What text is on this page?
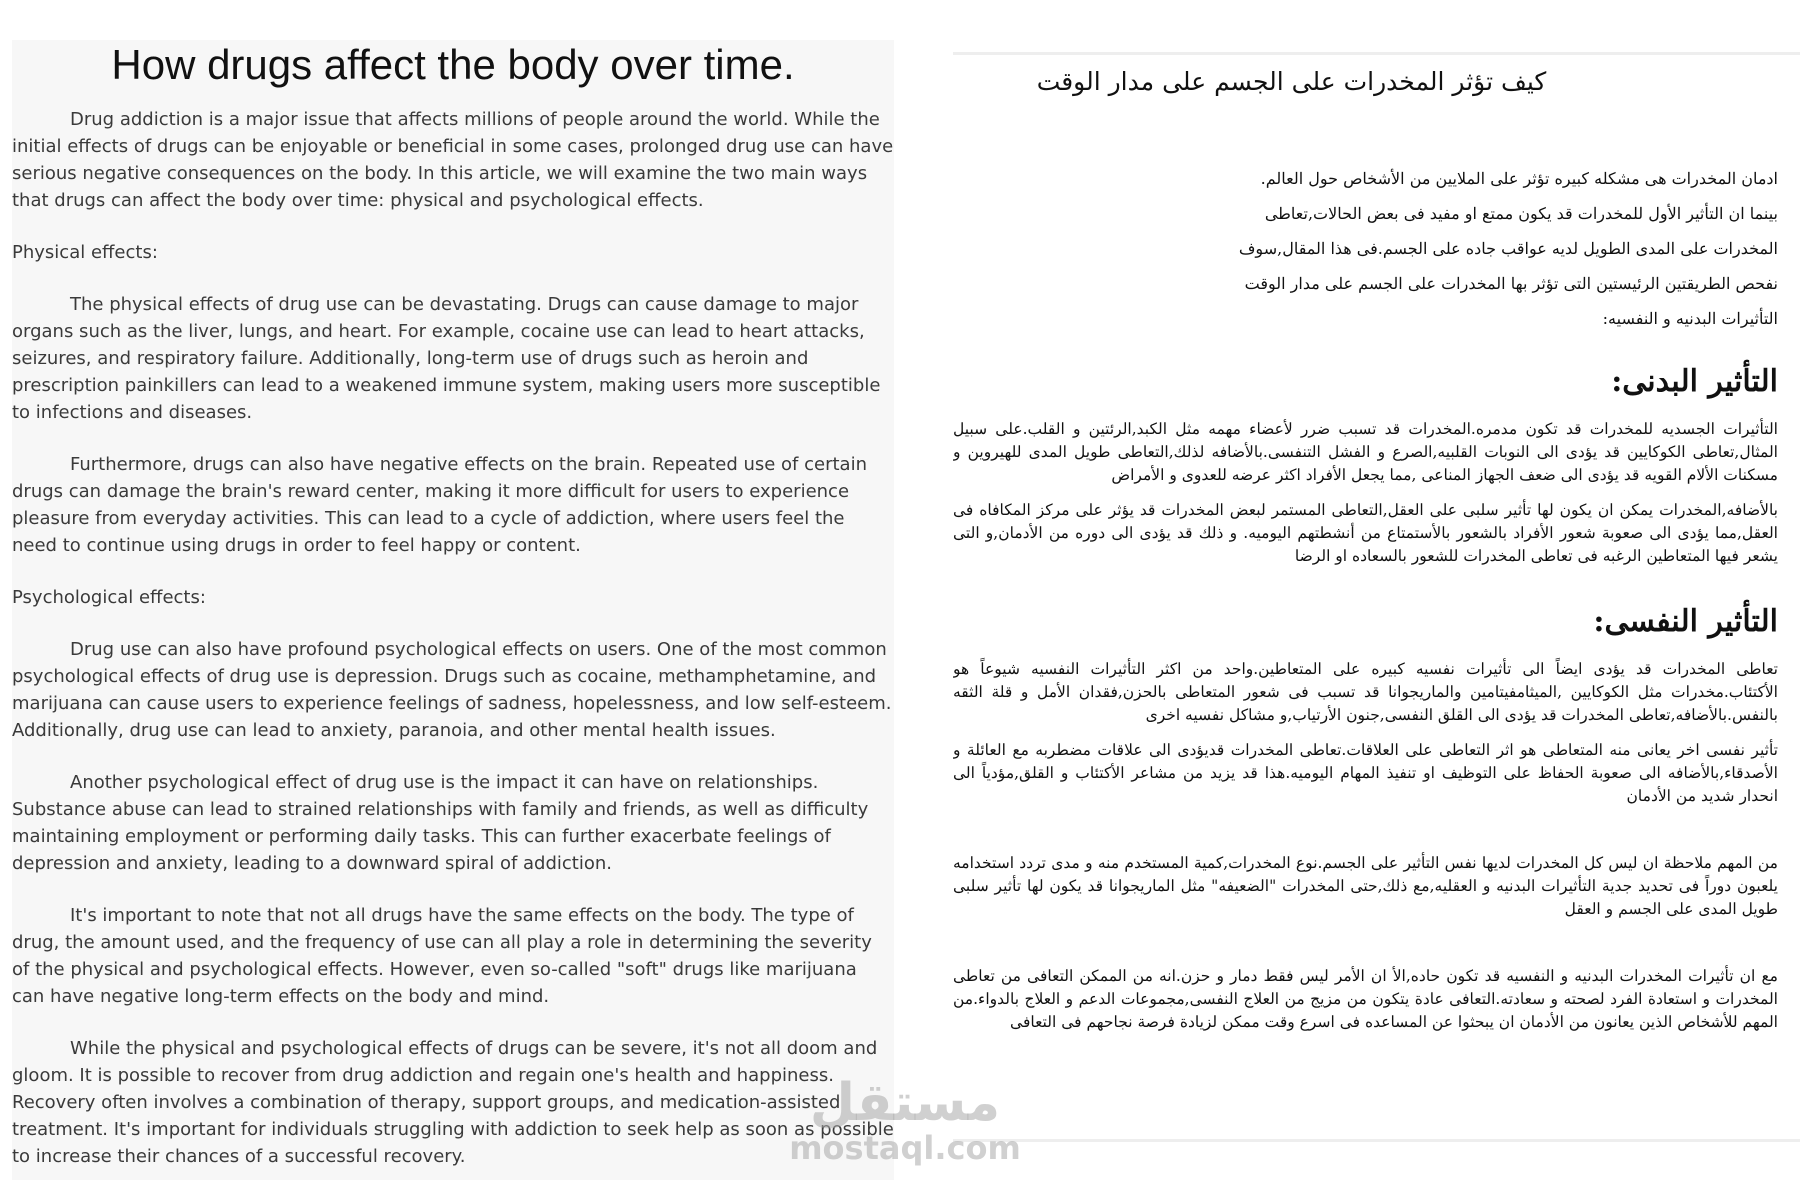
How drugs affect the body over time.

Drug addiction is a major issue that affects millions of people around the world. While the initial effects of drugs can be enjoyable or beneficial in some cases, prolonged drug use can have serious negative consequences on the body. In this article, we will examine the two main ways that drugs can affect the body over time: physical and psychological effects.

Physical effects:

The physical effects of drug use can be devastating. Drugs can cause damage to major organs such as the liver, lungs, and heart. For example, cocaine use can lead to heart attacks, seizures, and respiratory failure. Additionally, long-term use of drugs such as heroin and prescription painkillers can lead to a weakened immune system, making users more susceptible to infections and diseases.

Furthermore, drugs can also have negative effects on the brain. Repeated use of certain drugs can damage the brain's reward center, making it more difficult for users to experience pleasure from everyday activities. This can lead to a cycle of addiction, where users feel the need to continue using drugs in order to feel happy or content.

Psychological effects:

Drug use can also have profound psychological effects on users. One of the most common psychological effects of drug use is depression. Drugs such as cocaine, methamphetamine, and marijuana can cause users to experience feelings of sadness, hopelessness, and low self-esteem. Additionally, drug use can lead to anxiety, paranoia, and other mental health issues.

Another psychological effect of drug use is the impact it can have on relationships. Substance abuse can lead to strained relationships with family and friends, as well as difficulty maintaining employment or performing daily tasks. This can further exacerbate feelings of depression and anxiety, leading to a downward spiral of addiction.

It's important to note that not all drugs have the same effects on the body. The type of drug, the amount used, and the frequency of use can all play a role in determining the severity of the physical and psychological effects. However, even so-called "soft" drugs like marijuana can have negative long-term effects on the body and mind.

While the physical and psychological effects of drugs can be severe, it's not all doom and gloom. It is possible to recover from drug addiction and regain one's health and happiness. Recovery often involves a combination of therapy, support groups, and medication-assisted treatment. It's important for individuals struggling with addiction to seek help as soon as possible to increase their chances of a successful recovery.

كيف تؤثر المخدرات على الجسم على مدار الوقت
ادمان المخدرات هى مشكله كبيره تؤثر على الملايين من الأشخاص حول العالم.
بينما ان التأثير الأول للمخدرات قد يكون ممتع او مفيد فى بعض الحالات,تعاطى
المخدرات على المدى الطويل لديه عواقب جاده على الجسم.فى هذا المقال,سوف
نفحص الطريقتين الرئيستين التى تؤثر بها المخدرات على الجسم على مدار الوقت
التأثيرات البدنيه و النفسيه:
التأثير البدنى:
التأثيرات الجسديه للمخدرات قد تكون مدمره.المخدرات قد تسبب ضرر لأعضاء مهمه مثل الكبد,الرئتين و القلب.على سبيل المثال,تعاطى الكوكايين قد يؤدى الى النوبات القلبيه,الصرع و الفشل التنفسى.بالأضافه لذلك,التعاطى طويل المدى للهيروين و مسكنات الألام القويه قد يؤدى الى ضعف الجهاز المناعى ,مما يجعل الأفراد اكثر عرضه للعدوى و الأمراض
بالأضافه,المخدرات يمكن ان يكون لها تأثير سلبى على العقل,التعاطى المستمر لبعض المخدرات قد يؤثر على مركز المكافاه فى العقل,مما يؤدى الى صعوبة شعور الأفراد بالشعور بالأستمتاع من أنشطتهم اليوميه. و ذلك قد يؤدى الى دوره من الأدمان,و التى يشعر فيها المتعاطين الرغبه فى تعاطى المخدرات للشعور بالسعاده او الرضا
التأثير النفسى:
تعاطى المخدرات قد يؤدى ايضاً الى تأثيرات نفسيه كبيره على المتعاطين.واحد من اكثر التأثيرات النفسيه شيوعاً هو الأكتئاب.مخدرات مثل الكوكايين ,الميثامفيتامين والماريجوانا قد تسبب فى شعور المتعاطى بالحزن,فقدان الأمل و قلة الثقه بالنفس.بالأضافه,تعاطى المخدرات قد يؤدى الى القلق النفسى,جنون الأرتياب,و مشاكل نفسيه اخرى
تأثير نفسى اخر يعانى منه المتعاطى هو اثر التعاطى على العلاقات.تعاطى المخدرات قديؤدى الى علاقات مضطربه مع العائلة و الأصدقاء,بالأضافه الى صعوبة الحفاظ على التوظيف او تنفيذ المهام اليوميه.هذا قد يزيد من مشاعر الأكتئاب و القلق,مؤدياً الى انحدار شديد من الأدمان
من المهم ملاحظة ان ليس كل المخدرات لديها نفس التأثير على الجسم.نوع المخدرات,كمية المستخدم منه و مدى تردد استخدامه يلعبون دوراً فى تحديد جدية التأثيرات البدنيه و العقليه,مع ذلك,حتى المخدرات "الضعيفه" مثل الماريجوانا قد يكون لها تأثير سلبى طويل المدى على الجسم و العقل
مع ان تأثيرات المخدرات البدنيه و النفسيه قد تكون حاده,الأ ان الأمر ليس فقط دمار و حزن.انه من الممكن التعافى من تعاطى المخدرات و استعادة الفرد لصحته و سعادته.التعافى عادة يتكون من مزيج من العلاج النفسى,مجموعات الدعم و العلاج بالدواء.من المهم للأشخاص الذين يعانون من الأدمان ان يبحثوا عن المساعده فى اسرع وقت ممكن لزيادة فرصة نجاحهم فى التعافى
مستقل
mostaql.com
